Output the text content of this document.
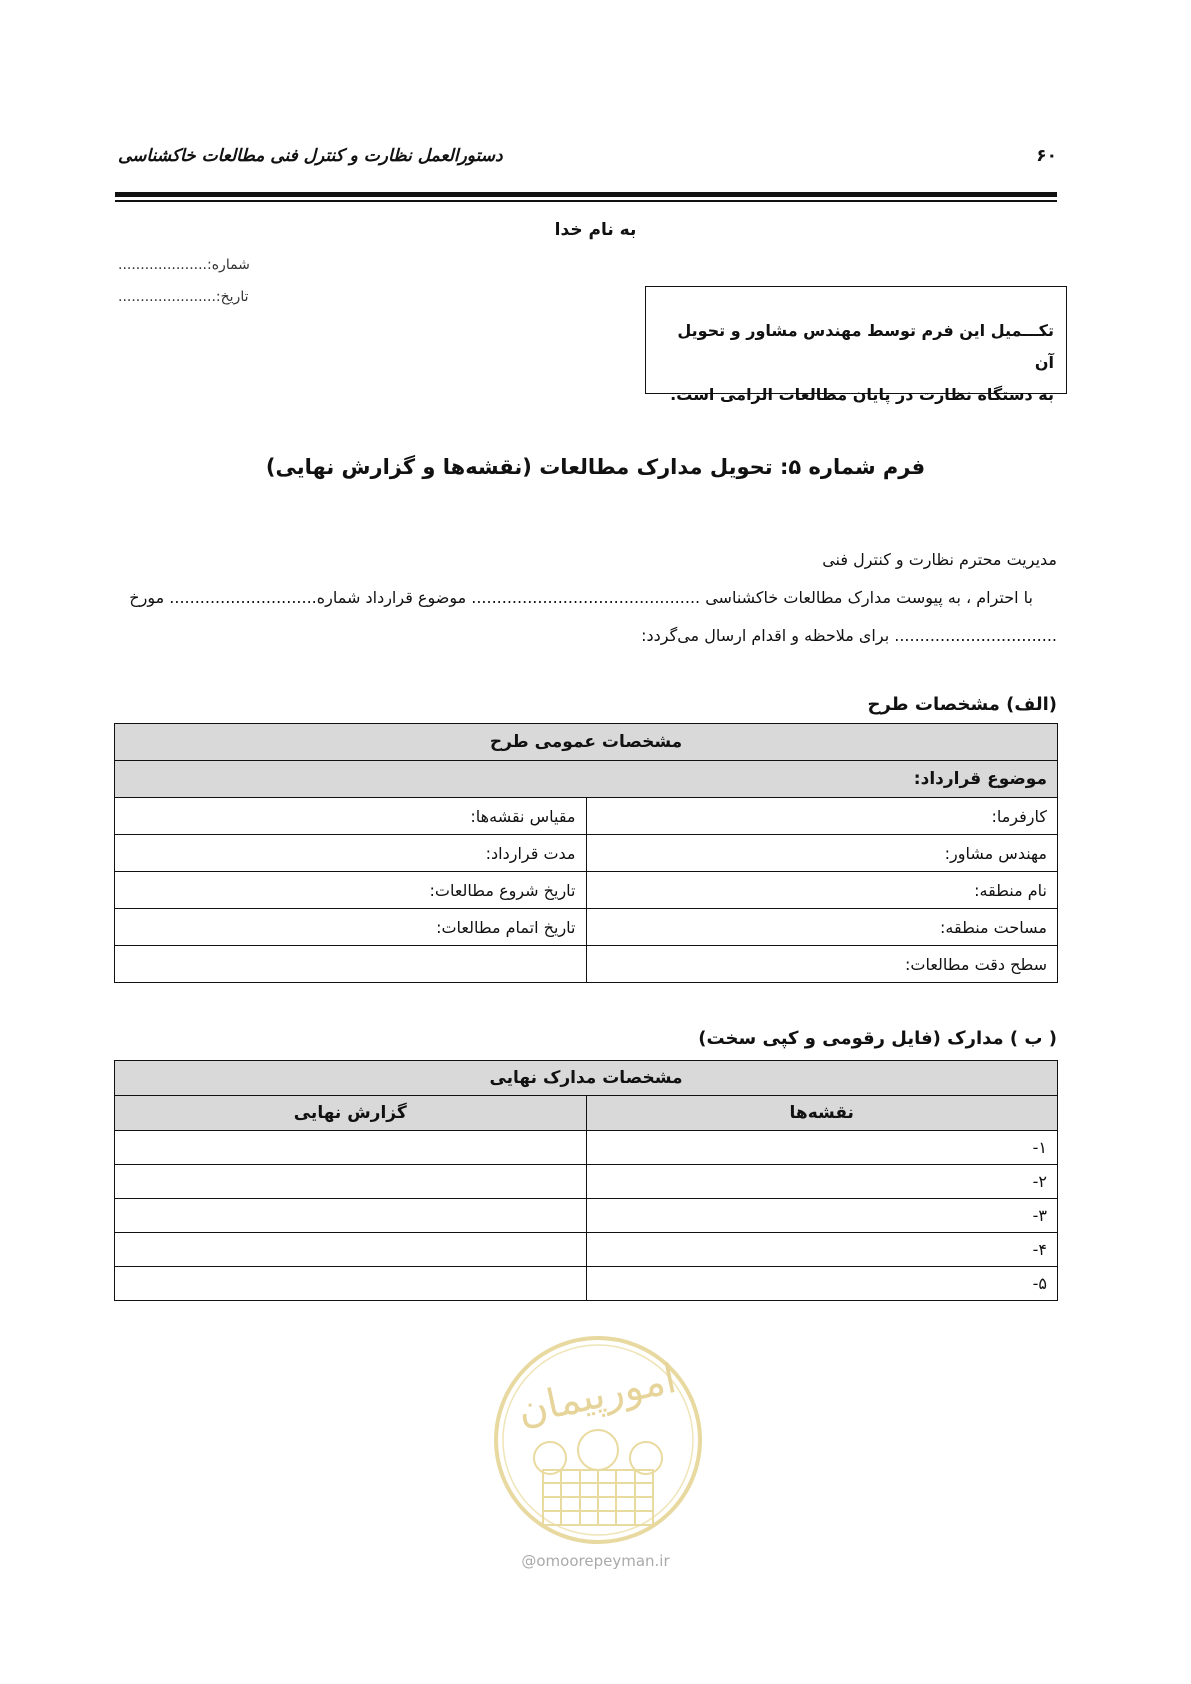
۶۰
دستورالعمل نظارت و کنترل فنی مطالعات خاکشناسی
به نام خدا
شماره:....................
تاریخ:......................
تکـــمیل این فرم توسط مهندس مشاور و تحویل آن
به دستگاه نظارت در پایان مطالعات الزامی است.
فرم شماره ۵: تحویل مدارک مطالعات (نقشه‌ها و گزارش نهایی)
مدیریت محترم نظارت و کنترل فنی
با احترام ، به پیوست مدارک مطالعات خاکشناسی ............................................. موضوع قرارداد شماره............................. مورخ
................................ برای ملاحظه و اقدام ارسال می‌گردد:
(الف) مشخصات طرح
مشخصات عمومی طرح	
موضوع قرارداد:	
کارفرما:	مقیاس نقشه‌ها:
مهندس مشاور:	مدت قرارداد:
نام منطقه:	تاریخ شروع مطالعات:
مساحت منطقه:	تاریخ اتمام مطالعات:
سطح دقت مطالعات:	
( ب ) مدارک (فایل رقومی و کپی سخت)
مشخصات مدارک نهایی	
نقشه‌ها	گزارش نهایی
۱-	
۲-	
۳-	
۴-	
۵-	
امورپیمان
@omoorepeyman.ir
